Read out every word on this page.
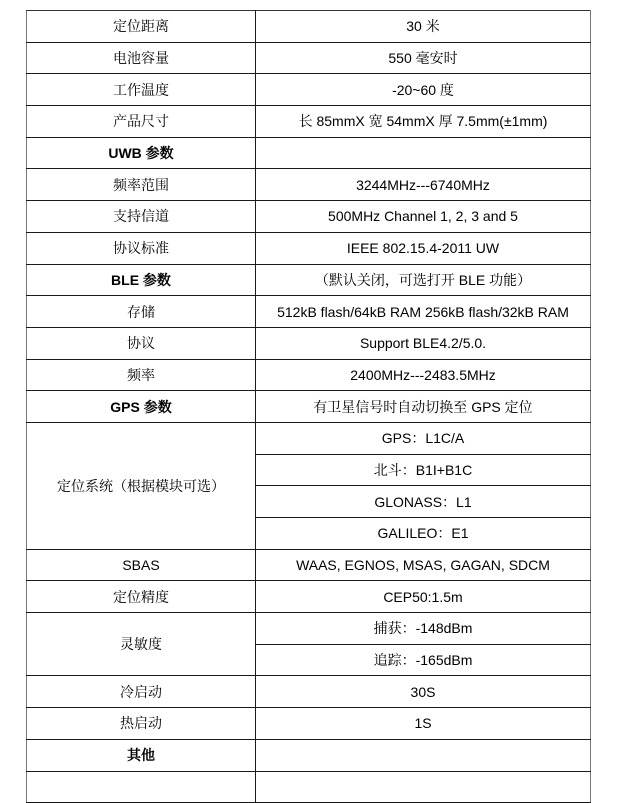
定位距离	30 米
电池容量	550 毫安时
工作温度	-20~60 度
产品尺寸	长 85mmX 宽 54mmX 厚 7.5mm(±1mm)
UWB 参数	
频率范围	3244MHz---6740MHz
支持信道	500MHz Channel 1, 2, 3 and 5
协议标准	IEEE 802.15.4-2011 UW
BLE 参数	（默认关闭，可选打开 BLE 功能）
存储	512kB flash/64kB RAM 256kB flash/32kB RAM
协议	Support BLE4.2/5.0.
频率	2400MHz---2483.5MHz
GPS 参数	有卫星信号时自动切换至 GPS 定位
定位系统（根据模块可选）	GPS：L1C/A
	北斗：B1I+B1C
	GLONASS：L1
	GALILEO：E1
SBAS	WAAS, EGNOS, MSAS, GAGAN, SDCM
定位精度	CEP50:1.5m
灵敏度	捕获：-148dBm
	追踪：-165dBm
冷启动	30S
热启动	1S
其他	
